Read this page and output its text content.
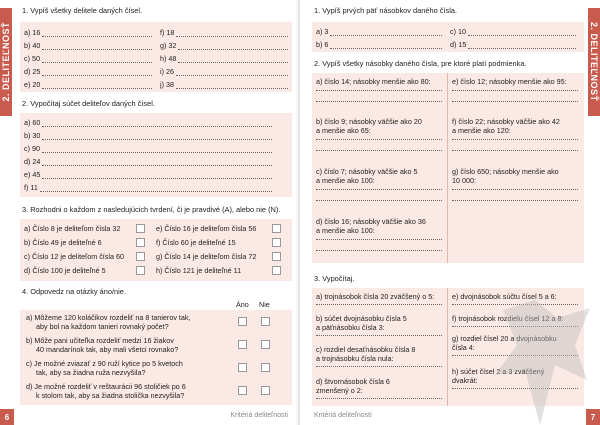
2. DELITEĽNOSŤ
1. Vypíš všetky delitele daných čísel.
2. Vypočítaj súčet deliteľov daných čísel.
3. Rozhodni o každom z nasledujúcich tvrdení, či je pravdivé (A), alebo nie (N).
4. Odpovedz na otázky áno/nie.
Áno Nie
6	Kritériá deliteľnosti
a) 16
b) 40
c) 50
d) 25
e) 20
f) 18
g) 32
h) 48
i) 26
j) 38
a) 60
b) 30
c) 90
d) 24
e) 45
f) 11
a) Číslo 8 je deliteľom čísla 32
b) Číslo 49 je deliteľné 6
c) Číslo 12 je deliteľom čísla 60
d) Číslo 100 je deliteľné 5
e) Číslo 16 je deliteľom čísla 56
f) Číslo 60 je deliteľné 15
g) Číslo 14 je deliteľom čísla 72
h) Číslo 121 je deliteľné 11
a) Môžeme 120 koláčikov rozdeliť na 8 tanierov tak,
aby bol na každom tanieri rovnaký počet?
b) Môže pani učiteľka rozdeliť medzi 16 žiakov
40 mandarínok tak, aby mali všetci rovnako?
c) Je možné zviazať z 90 ruží kytice po 5 kvetoch
tak, aby sa žiadna ruža nezvyšila?
d) Je možné rozdeliť v reštaurácii 96 stoličiek po 6
k stolom tak, aby sa žiadna stolička nezvyšila?
2. DELITEĽNOSŤ
1. Vypíš prvých päť násobkov daného čísla.
2. Vypíš všetky násobky daného čísla, pre ktoré platí podmienka.
3. Vypočítaj.
7
Kritériá deliteľnosti
a) 3
b) 6
c) 10
d) 15
a) číslo 14; násobky menšie ako 80:
b) číslo 9; násobky väčšie ako 20
a menšie ako 65:
c) číslo 7; násobky väčšie ako 5
a menšie ako 100:
d) číslo 16; násobky väčšie ako 36
a menšie ako 100:
e) číslo 12; násobky menšie ako 95:
f) číslo 22; násobky väčšie ako 42
a menšie ako 120:
g) číslo 650; násobky menšie ako
10 000:
a) trojnásobok čísla 20 zväčšený o 5:
b) súčet dvojnásobku čísla 5
a päťnásobku čísla 3:
c) rozdiel desaťnásobku čísla 8
a trojnásobku čísla nula:
d) štvornásobok čísla 6
zmenšený o 2:
e) dvojnásobok súčtu čísel 5 a 6:
f) trojnásobok rozdielu čísel 12 a 8:
g) rozdiel čísel 20 a dvojnásobku
čísla 4:
h) súčet čísel 2 a 3 zväčšený
dvakrát:
